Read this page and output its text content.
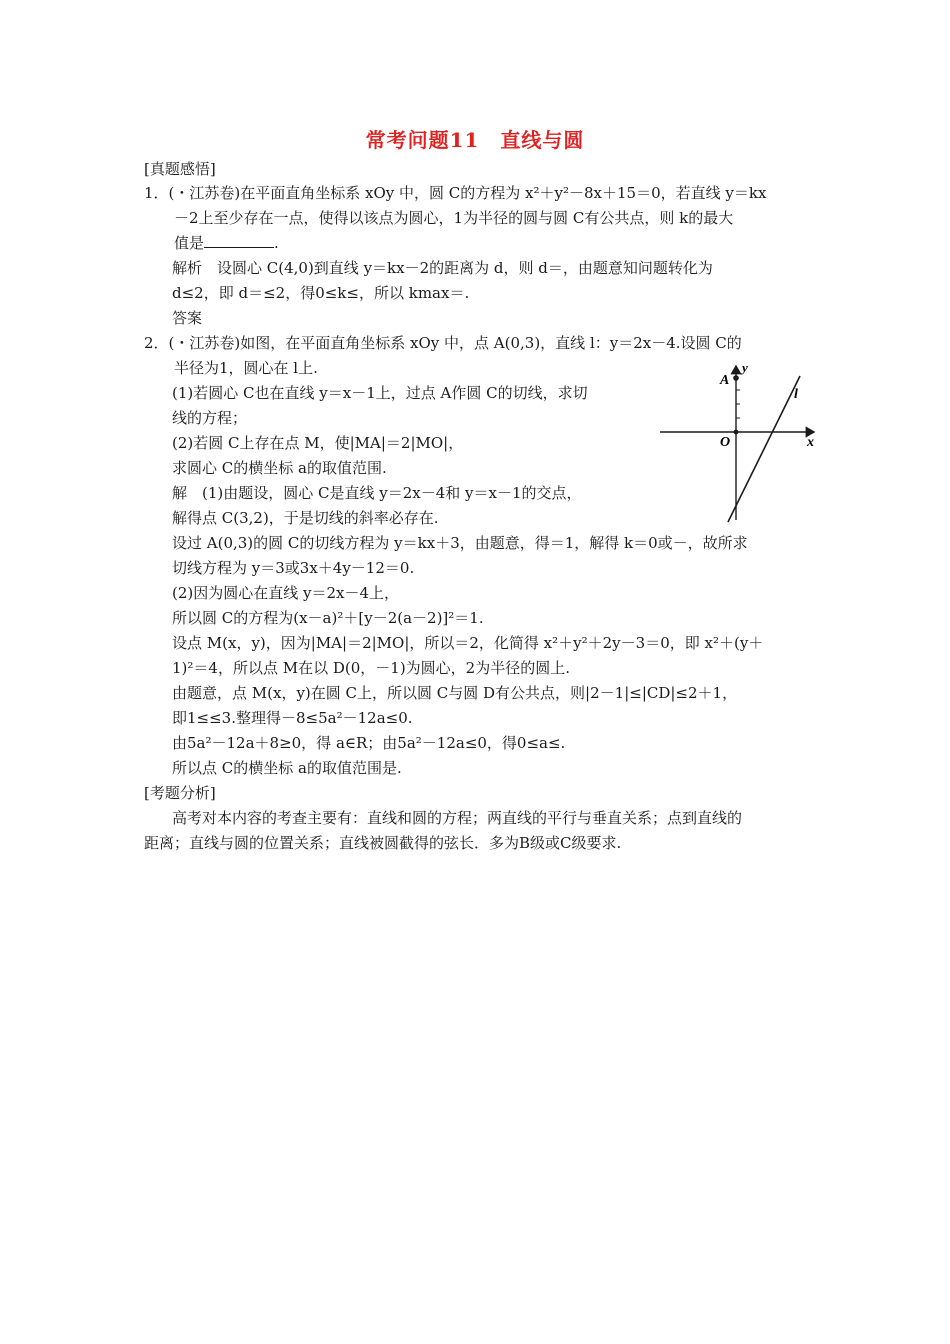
常考问题11　直线与圆
[真题感悟]
1．(・江苏卷)在平面直角坐标系 xOy 中，圆 C的方程为 x²＋y²－8x＋15＝0，若直线 y＝kx
－2上至少存在一点，使得以该点为圆心，1为半径的圆与圆 C有公共点，则 k的最大
值是	.
解析　设圆心 C(4,0)到直线 y＝kx－2的距离为 d，则 d＝，由题意知问题转化为
d≤2，即 d＝≤2，得0≤k≤，所以 kmax＝.
答案
2．(・江苏卷)如图，在平面直角坐标系 xOy 中，点 A(0,3)，直线 l：y＝2x－4.设圆 C的
半径为1，圆心在 l上.
(1)若圆心 C也在直线 y＝x－1上，过点 A作圆 C的切线，求切
线的方程；
(2)若圆 C上存在点 M，使|MA|＝2|MO|，
求圆心 C的横坐标 a的取值范围.
解　(1)由题设，圆心 C是直线 y＝2x－4和 y＝x－1的交点，
解得点 C(3,2)，于是切线的斜率必存在.
设过 A(0,3)的圆 C的切线方程为 y＝kx＋3，由题意，得＝1，解得 k＝0或－，故所求
切线方程为 y＝3或3x＋4y－12＝0.
(2)因为圆心在直线 y＝2x－4上，
所以圆 C的方程为(x－a)²＋[y－2(a－2)]²＝1.
设点 M(x，y)，因为|MA|＝2|MO|，所以＝2，化简得 x²＋y²＋2y－3＝0，即 x²＋(y＋
1)²＝4，所以点 M在以 D(0，－1)为圆心，2为半径的圆上.
由题意，点 M(x，y)在圆 C上，所以圆 C与圆 D有公共点，则|2－1|≤|CD|≤2＋1，
即1≤≤3.整理得－8≤5a²－12a≤0.
由5a²－12a＋8≥0，得 a∈R；由5a²－12a≤0，得0≤a≤.
所以点 C的横坐标 a的取值范围是.
[考题分析]
高考对本内容的考查主要有：直线和圆的方程；两直线的平行与垂直关系；点到直线的
距离；直线与圆的位置关系；直线被圆截得的弦长．多为B级或C级要求.
y
x
O
A
l
